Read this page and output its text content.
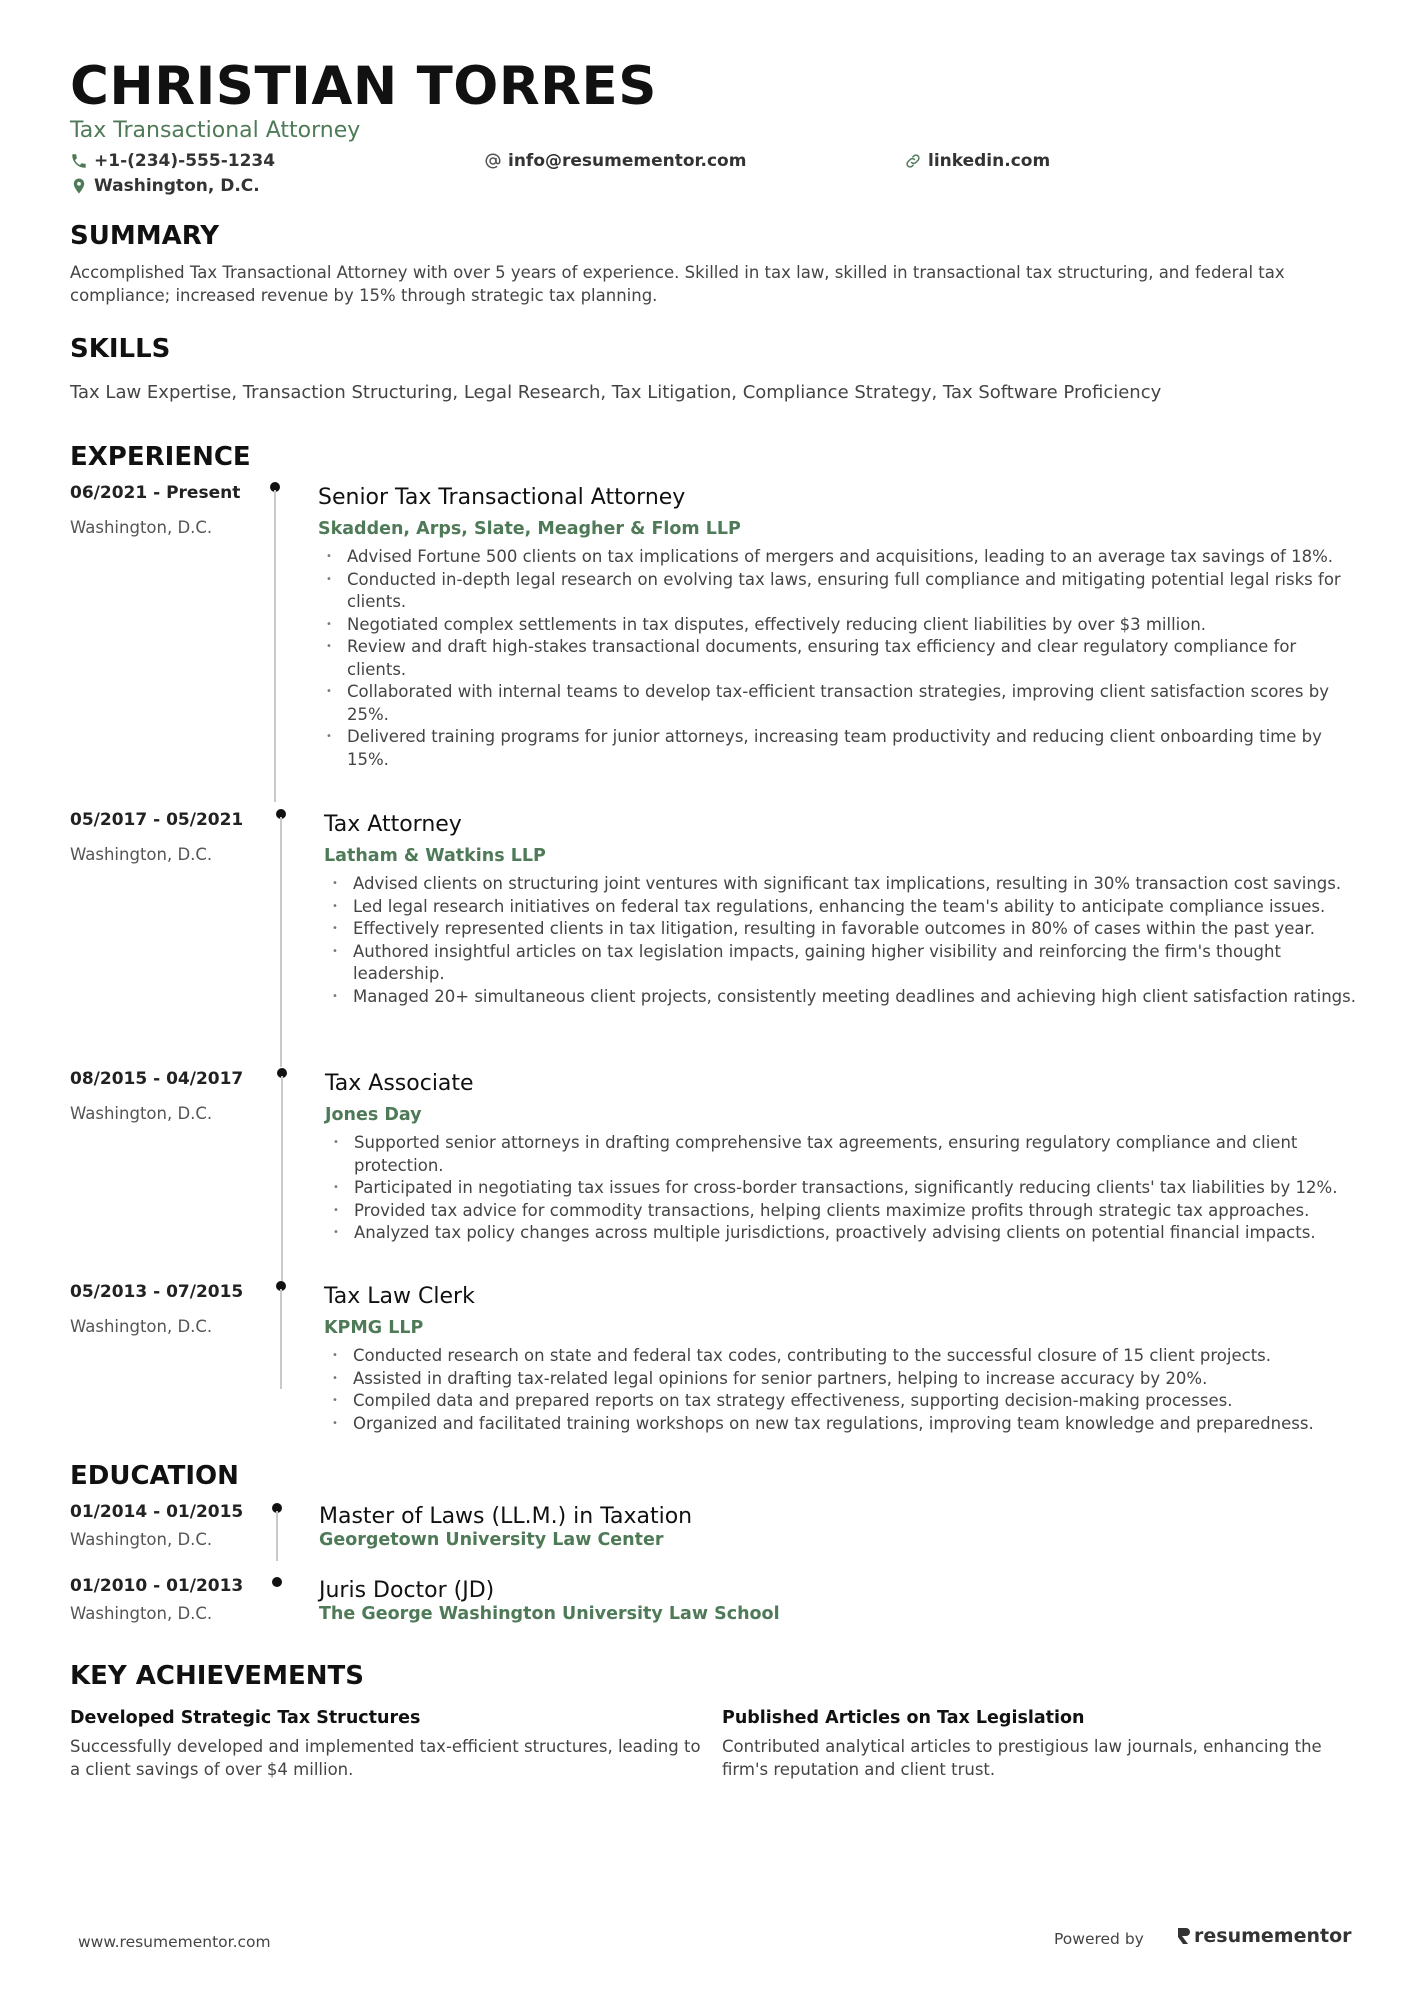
CHRISTIAN TORRES
Tax Transactional Attorney
+1-(234)-555-1234	info@resumementor.com	linkedin.com
Washington, D.C.
SUMMARY
Accomplished Tax Transactional Attorney with over 5 years of experience. Skilled in tax law, skilled in transactional tax structuring, and federal tax compliance; increased revenue by 15% through strategic tax planning.
SKILLS
Tax Law Expertise, Transaction Structuring, Legal Research, Tax Litigation, Compliance Strategy, Tax Software Proficiency
EXPERIENCE
06/2021 - Present
Washington, D.C.
Senior Tax Transactional Attorney
Skadden, Arps, Slate, Meagher & Flom LLP
• Advised Fortune 500 clients on tax implications of mergers and acquisitions, leading to an average tax savings of 18%.
• Conducted in-depth legal research on evolving tax laws, ensuring full compliance and mitigating potential legal risks for clients.
• Negotiated complex settlements in tax disputes, effectively reducing client liabilities by over $3 million.
• Review and draft high-stakes transactional documents, ensuring tax efficiency and clear regulatory compliance for clients.
• Collaborated with internal teams to develop tax-efficient transaction strategies, improving client satisfaction scores by 25%.
• Delivered training programs for junior attorneys, increasing team productivity and reducing client onboarding time by 15%.
05/2017 - 05/2021
Washington, D.C.
Tax Attorney
Latham & Watkins LLP
• Advised clients on structuring joint ventures with significant tax implications, resulting in 30% transaction cost savings.
• Led legal research initiatives on federal tax regulations, enhancing the team's ability to anticipate compliance issues.
• Effectively represented clients in tax litigation, resulting in favorable outcomes in 80% of cases within the past year.
• Authored insightful articles on tax legislation impacts, gaining higher visibility and reinforcing the firm's thought leadership.
• Managed 20+ simultaneous client projects, consistently meeting deadlines and achieving high client satisfaction ratings.
08/2015 - 04/2017
Washington, D.C.
Tax Associate
Jones Day
• Supported senior attorneys in drafting comprehensive tax agreements, ensuring regulatory compliance and client protection.
• Participated in negotiating tax issues for cross-border transactions, significantly reducing clients' tax liabilities by 12%.
• Provided tax advice for commodity transactions, helping clients maximize profits through strategic tax approaches.
• Analyzed tax policy changes across multiple jurisdictions, proactively advising clients on potential financial impacts.
05/2013 - 07/2015
Washington, D.C.
Tax Law Clerk
KPMG LLP
• Conducted research on state and federal tax codes, contributing to the successful closure of 15 client projects.
• Assisted in drafting tax-related legal opinions for senior partners, helping to increase accuracy by 20%.
• Compiled data and prepared reports on tax strategy effectiveness, supporting decision-making processes.
• Organized and facilitated training workshops on new tax regulations, improving team knowledge and preparedness.
EDUCATION
01/2014 - 01/2015
Washington, D.C.
Master of Laws (LL.M.) in Taxation
Georgetown University Law Center
01/2010 - 01/2013
Washington, D.C.
Juris Doctor (JD)
The George Washington University Law School
KEY ACHIEVEMENTS
Developed Strategic Tax Structures
Successfully developed and implemented tax-efficient structures, leading to a client savings of over $4 million.
Published Articles on Tax Legislation
Contributed analytical articles to prestigious law journals, enhancing the firm's reputation and client trust.
www.resumementor.com	Powered by	resumementor
